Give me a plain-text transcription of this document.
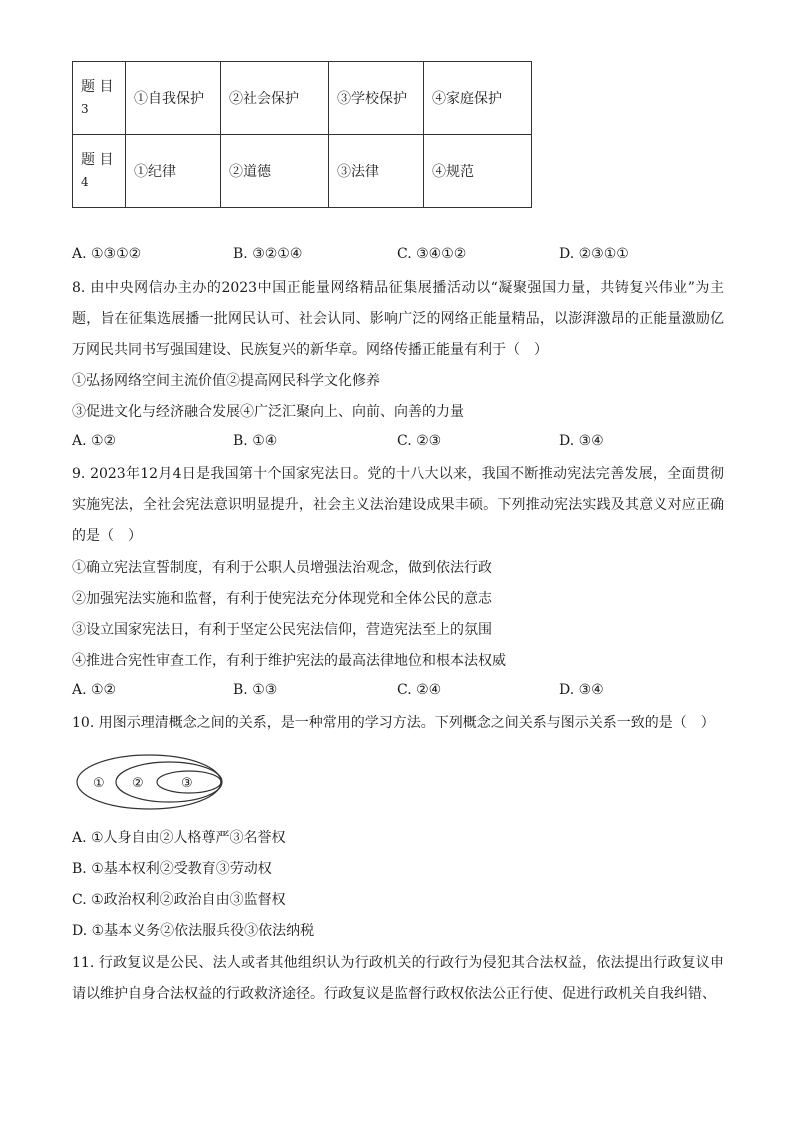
题 目
3	①自我保护	②社会保护	③学校保护	④家庭保护
题 目
4	①纪律	②道德	③法律	④规范
A. ①③①②	B. ③②①④	C. ③④①②	D. ②③①①
8. 由中央网信办主办的2023中国正能量网络精品征集展播活动以“凝聚强国力量，共铸复兴伟业”为主题，旨在征集选展播一批网民认可、社会认同、影响广泛的网络正能量精品，以澎湃激昂的正能量激励亿万网民共同书写强国建设、民族复兴的新华章。网络传播正能量有利于（　）
①弘扬网络空间主流价值②提高网民科学文化修养
③促进文化与经济融合发展④广泛汇聚向上、向前、向善的力量
A. ①②	B. ①④	C. ②③	D. ③④
9. 2023年12月4日是我国第十个国家宪法日。党的十八大以来，我国不断推动宪法完善发展，全面贯彻实施宪法，全社会宪法意识明显提升，社会主义法治建设成果丰硕。下列推动宪法实践及其意义对应正确的是（　）
①确立宪法宣誓制度，有利于公职人员增强法治观念，做到依法行政
②加强宪法实施和监督，有利于使宪法充分体现党和全体公民的意志
③设立国家宪法日，有利于坚定公民宪法信仰，营造宪法至上的氛围
④推进合宪性审查工作，有利于维护宪法的最高法律地位和根本法权威
A. ①②	B. ①③	C. ②④	D. ③④
10. 用图示理清概念之间的关系，是一种常用的学习方法。下列概念之间关系与图示关系一致的是（　）
① ②	③
A. ①人身自由②人格尊严③名誉权
B. ①基本权利②受教育③劳动权
C. ①政治权利②政治自由③监督权
D. ①基本义务②依法服兵役③依法纳税
11. 行政复议是公民、法人或者其他组织认为行政机关的行政行为侵犯其合法权益，依法提出行政复议申请以维护自身合法权益的行政救济途径。行政复议是监督行政权依法公正行使、促进行政机关自我纠错、
